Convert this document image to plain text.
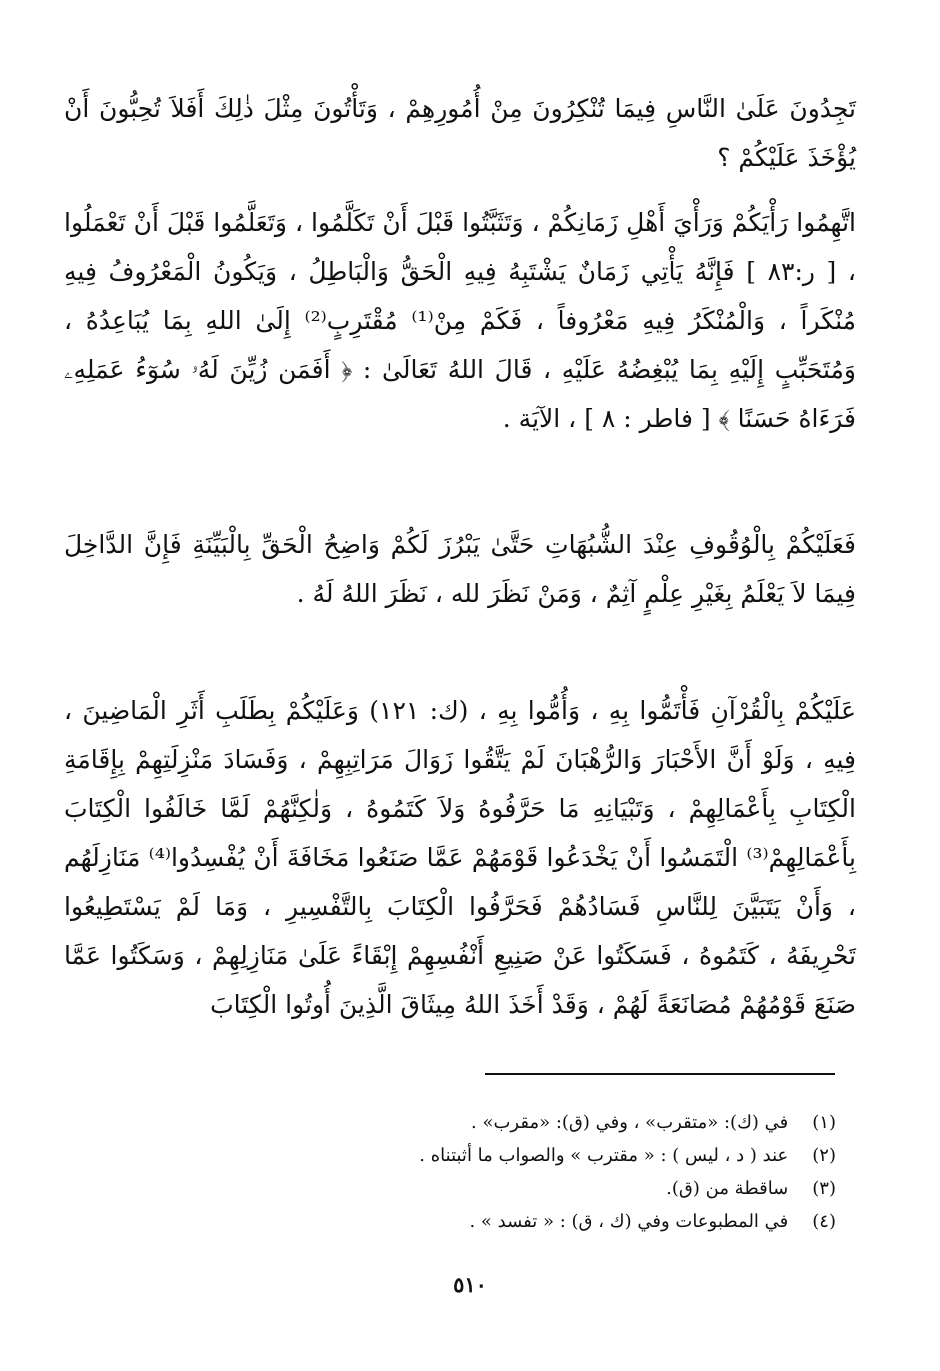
تَجِدُونَ عَلَىٰ النَّاسِ فِيمَا تُنْكِرُونَ مِنْ أُمُورِهِمْ ، وَتَأْتُونَ مِثْلَ ذٰلِكَ أَفَلاَ تُحِبُّونَ أَنْ يُؤْخَذَ عَلَيْكُمْ ؟

اتَّهِمُوا رَأْيَكُمْ وَرَأْيَ أَهْلِ زَمَانِكُمْ ، وَتَثَبَّتُوا قَبْلَ أَنْ تَكَلَّمُوا ، وَتَعَلَّمُوا قَبْلَ أَنْ تَعْمَلُوا ، [ ر:٨٣ ] فَإِنَّهُ يَأْتِي زَمَانٌ يَشْتَبِهُ فِيهِ الْحَقُّ وَالْبَاطِلُ ، وَيَكُونُ الْمَعْرُوفُ فِيهِ مُنْكَراً ، وَالْمُنْكَرُ فِيهِ مَعْرُوفاً ، فَكَمْ مِنْ⁽¹⁾ مُقْتَرِبٍ⁽²⁾ إِلَىٰ اللهِ بِمَا يُبَاعِدُهُ ، وَمُتَحَبِّبٍ إِلَيْهِ بِمَا يُبْغِضُهُ عَلَيْهِ ، قَالَ اللهُ تَعَالَىٰ : ﴿ أَفَمَن زُيِّنَ لَهُۥ سُوٓءُ عَمَلِهِۦ فَرَءَاهُ حَسَنًا ﴾ [ فاطر : ٨ ] ، الآيَة .

فَعَلَيْكُمْ بِالْوُقُوفِ عِنْدَ الشُّبُهَاتِ حَتَّىٰ يَبْرُزَ لَكُمْ وَاضِحُ الْحَقِّ بِالْبَيِّنَةِ فَإِنَّ الدَّاخِلَ فِيمَا لاَ يَعْلَمُ بِغَيْرِ عِلْمٍ آثِمٌ ، وَمَنْ نَظَرَ لله ، نَظَرَ اللهُ لَهُ .

عَلَيْكُمْ بِالْقُرْآنِ فَأْتَمُّوا بِهِ ، وَأُمُّوا بِهِ ، (ك: ١٢١) وَعَلَيْكُمْ بِطَلَبِ أَثَرِ الْمَاضِينَ ، فِيهِ ، وَلَوْ أَنَّ الأَحْبَارَ وَالرُّهْبَانَ لَمْ يَتَّقُوا زَوَالَ مَرَاتِبِهِمْ ، وَفَسَادَ مَنْزِلَتِهِمْ بِإِقَامَةِ الْكِتَابِ بِأَعْمَالِهِمْ ، وَتَبْيَانِهِ مَا حَرَّفُوهُ وَلاَ كَتَمُوهُ ، وَلٰكِنَّهُمْ لَمَّا خَالَفُوا الْكِتَابَ بِأَعْمَالِهِمْ⁽³⁾ الْتَمَسُوا أَنْ يَخْدَعُوا قَوْمَهُمْ عَمَّا صَنَعُوا مَخَافَةَ أَنْ يُفْسِدُوا⁽⁴⁾ مَنَازِلَهُم ، وَأَنْ يَتَبَيَّنَ لِلنَّاسِ فَسَادُهُمْ فَحَرَّفُوا الْكِتَابَ بِالتَّفْسِيرِ ، وَمَا لَمْ يَسْتَطِيعُوا تَحْرِيفَهُ ، كَتَمُوهُ ، فَسَكَتُوا عَنْ صَنِيعِ أَنْفُسِهِمْ إِبْقَاءً عَلَىٰ مَنَازِلِهِمْ ، وَسَكَتُوا عَمَّا صَنَعَ قَوْمُهُمْ مُصَانَعَةً لَهُمْ ، وَقَدْ أَخَذَ اللهُ مِيثَاقَ الَّذِينَ أُوتُوا الْكِتَابَ

(١) في (ك): «متقرب» ، وفي (ق): «مقرب» .
(٢) عند ( د ، ليس ) : « مقترب » والصواب ما أثبتناه .
(٣) ساقطة من (ق).
(٤) في المطبوعات وفي (ك ، ق) : « تفسد » .
٥١٠
